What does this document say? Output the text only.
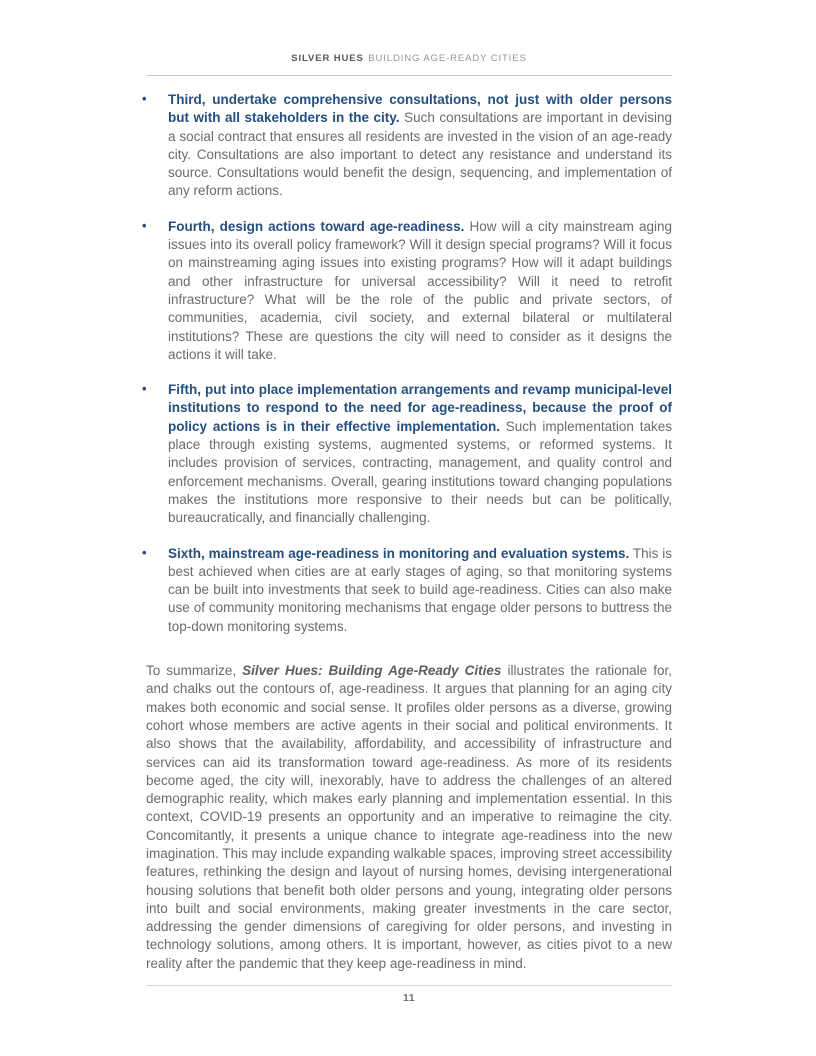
SILVER HUES BUILDING AGE-READY CITIES
• Third, undertake comprehensive consultations, not just with older persons but with all stakeholders in the city. Such consultations are important in devising a social contract that ensures all residents are invested in the vision of an age-ready city. Consultations are also important to detect any resistance and understand its source. Consultations would benefit the design, sequencing, and implementation of any reform actions.
• Fourth, design actions toward age-readiness. How will a city mainstream aging issues into its overall policy framework? Will it design special programs? Will it focus on mainstreaming aging issues into existing programs? How will it adapt buildings and other infrastructure for universal accessibility? Will it need to retrofit infrastructure? What will be the role of the public and private sectors, of communities, academia, civil society, and external bilateral or multilateral institutions? These are questions the city will need to consider as it designs the actions it will take.
• Fifth, put into place implementation arrangements and revamp municipal-level institutions to respond to the need for age-readiness, because the proof of policy actions is in their effective implementation. Such implementation takes place through existing systems, augmented systems, or reformed systems. It includes provision of services, contracting, management, and quality control and enforcement mechanisms. Overall, gearing institutions toward changing populations makes the institutions more responsive to their needs but can be politically, bureaucratically, and financially challenging.
• Sixth, mainstream age-readiness in monitoring and evaluation systems. This is best achieved when cities are at early stages of aging, so that monitoring systems can be built into investments that seek to build age-readiness. Cities can also make use of community monitoring mechanisms that engage older persons to buttress the top-down monitoring systems.

To summarize, Silver Hues: Building Age-Ready Cities illustrates the rationale for, and chalks out the contours of, age-readiness. It argues that planning for an aging city makes both economic and social sense. It profiles older persons as a diverse, growing cohort whose members are active agents in their social and political environments. It also shows that the availability, affordability, and accessibility of infrastructure and services can aid its transformation toward age-readiness. As more of its residents become aged, the city will, inexorably, have to address the challenges of an altered demographic reality, which makes early planning and implementation essential. In this context, COVID-19 presents an opportunity and an imperative to reimagine the city. Concomitantly, it presents a unique chance to integrate age-readiness into the new imagination. This may include expanding walkable spaces, improving street accessibility features, rethinking the design and layout of nursing homes, devising intergenerational housing solutions that benefit both older persons and young, integrating older persons into built and social environments, making greater investments in the care sector, addressing the gender dimensions of caregiving for older persons, and investing in technology solutions, among others. It is important, however, as cities pivot to a new reality after the pandemic that they keep age-readiness in mind.

11
